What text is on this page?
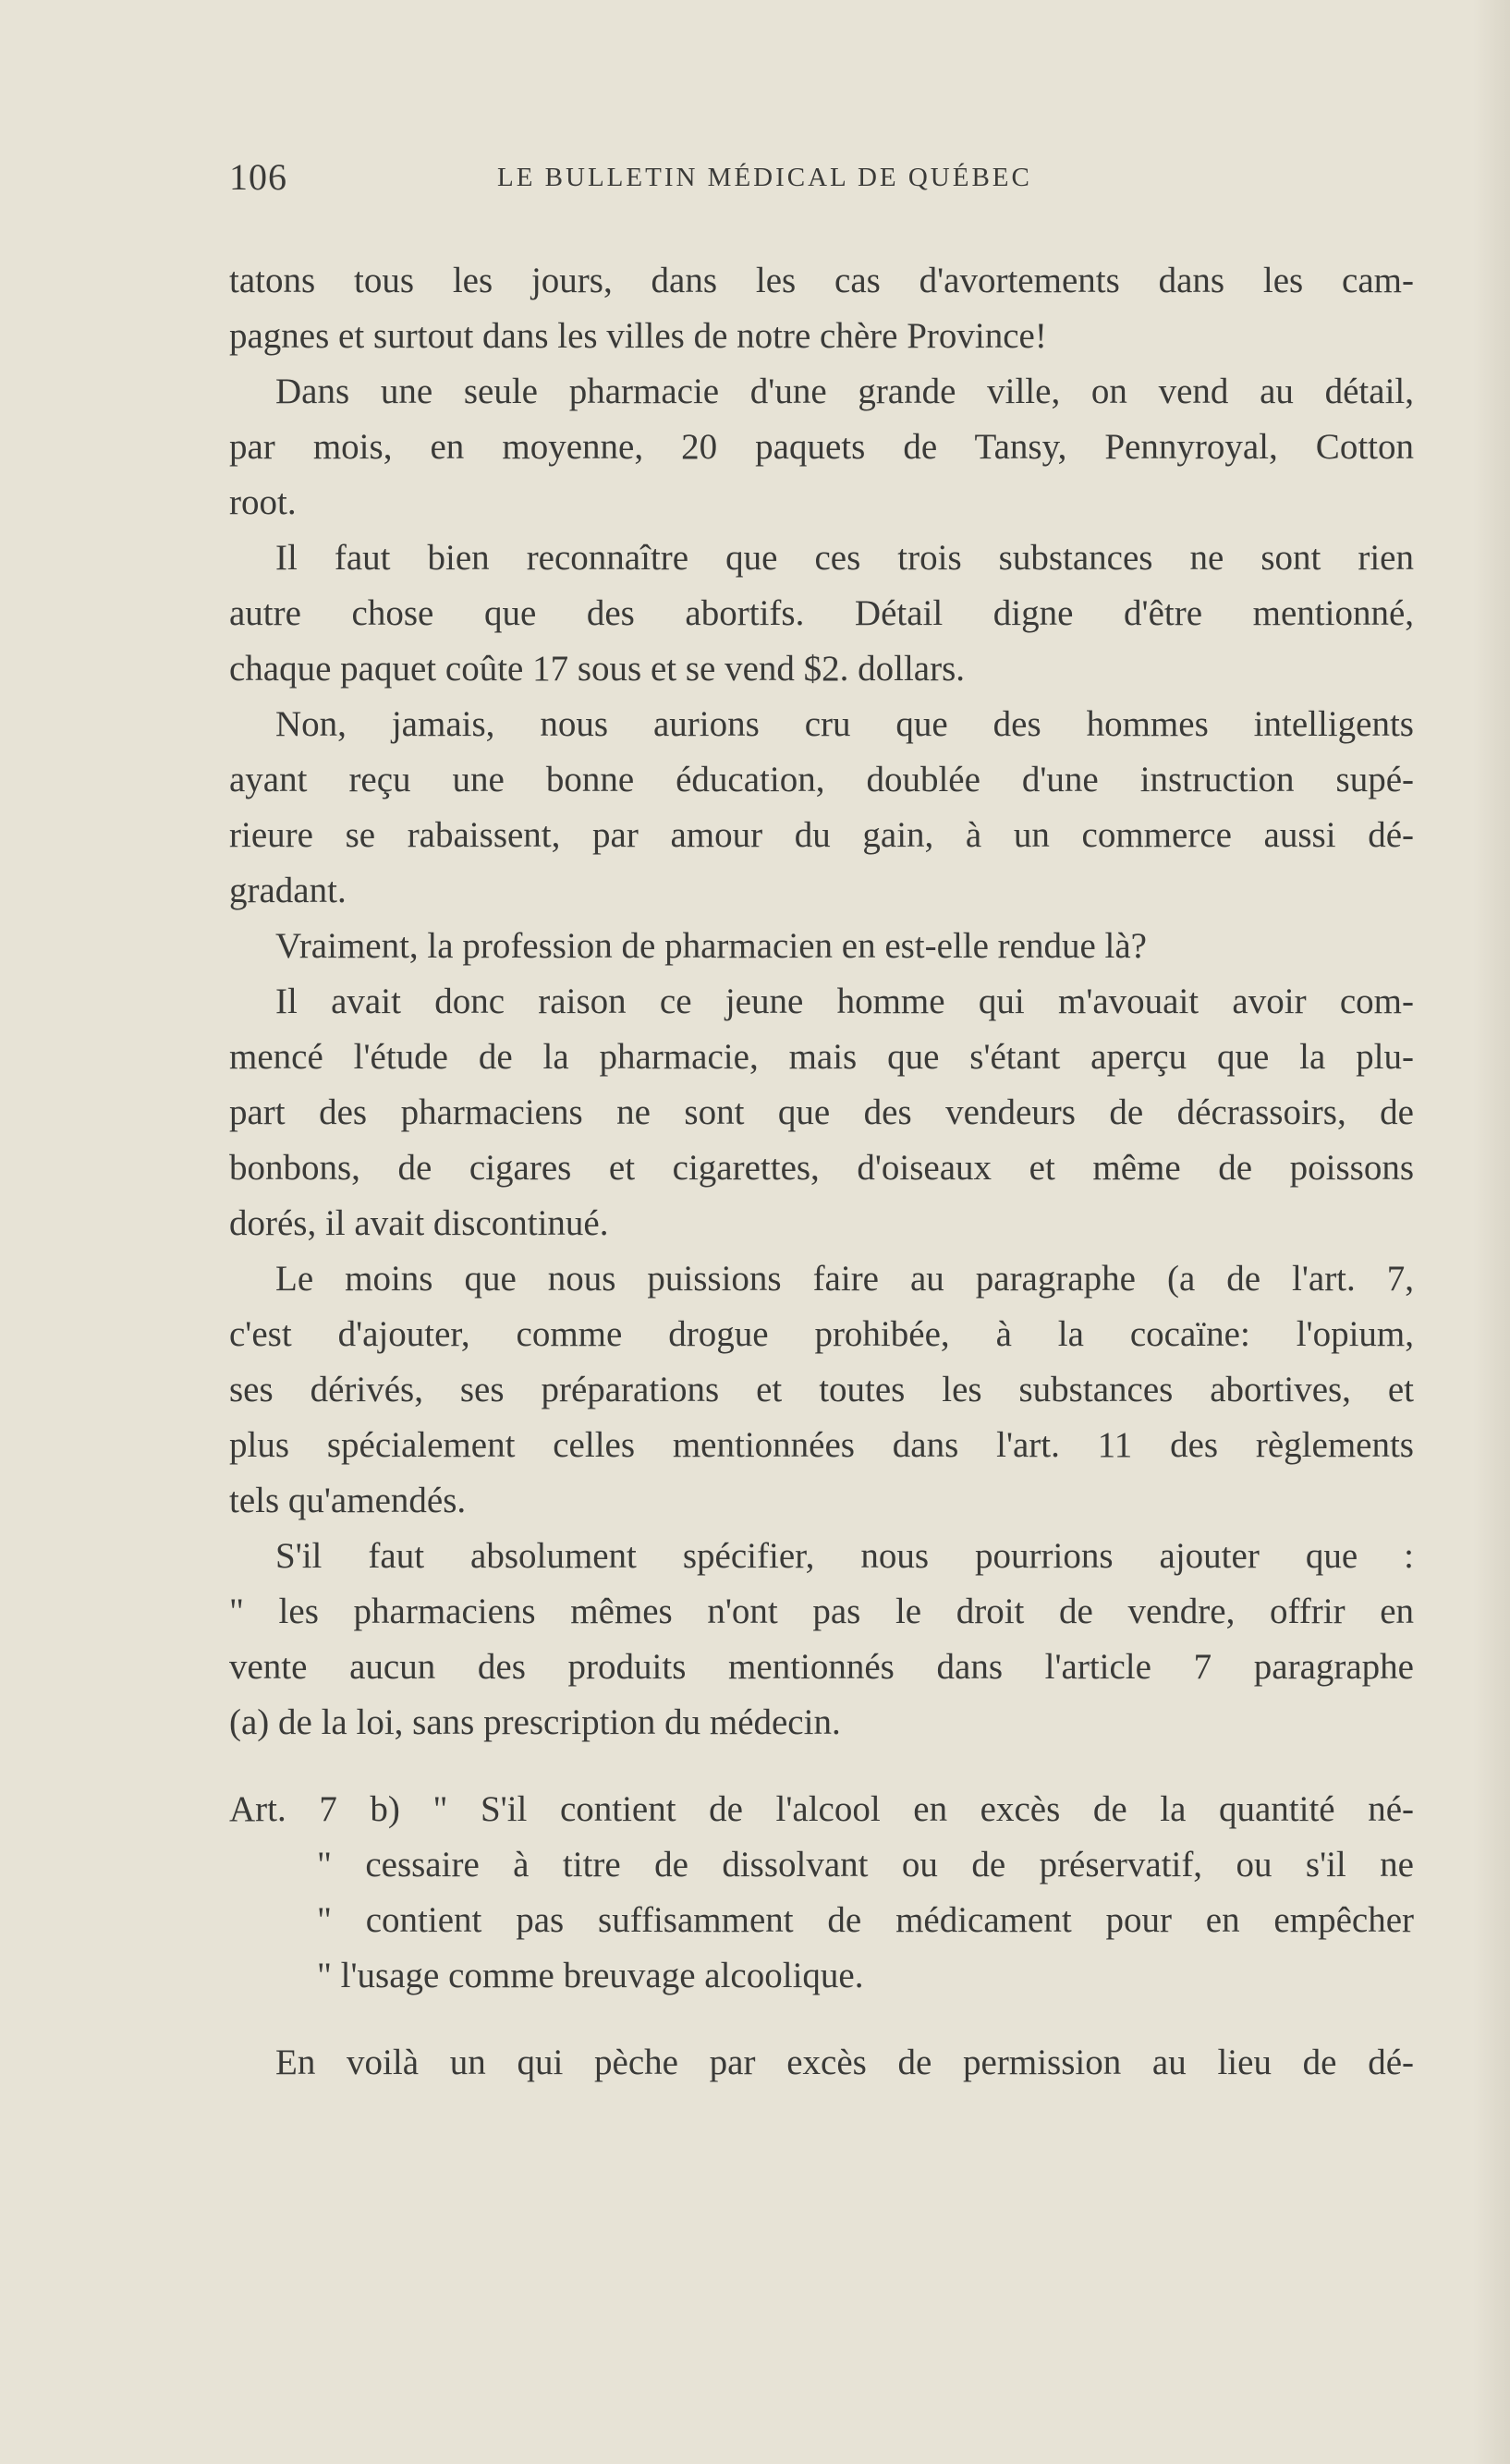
106	LE BULLETIN MÉDICAL DE QUÉBEC
tatons tous les jours, dans les cas d'avortements dans les cam-
pagnes et surtout dans les villes de notre chère Province!
Dans une seule pharmacie d'une grande ville, on vend au détail,
par mois, en moyenne, 20 paquets de Tansy, Pennyroyal, Cotton
root.
Il faut bien reconnaître que ces trois substances ne sont rien
autre chose que des abortifs. Détail digne d'être mentionné,
chaque paquet coûte 17 sous et se vend $2. dollars.
Non, jamais, nous aurions cru que des hommes intelligents
ayant reçu une bonne éducation, doublée d'une instruction supé-
rieure se rabaissent, par amour du gain, à un commerce aussi dé-
gradant.
Vraiment, la profession de pharmacien en est-elle rendue là?
Il avait donc raison ce jeune homme qui m'avouait avoir com-
mencé l'étude de la pharmacie, mais que s'étant aperçu que la plu-
part des pharmaciens ne sont que des vendeurs de décrassoirs, de
bonbons, de cigares et cigarettes, d'oiseaux et même de poissons
dorés, il avait discontinué.
Le moins que nous puissions faire au paragraphe (a de l'art. 7,
c'est d'ajouter, comme drogue prohibée, à la cocaïne: l'opium,
ses dérivés, ses préparations et toutes les substances abortives, et
plus spécialement celles mentionnées dans l'art. 11 des règlements
tels qu'amendés.
S'il faut absolument spécifier, nous pourrions ajouter que :
" les pharmaciens mêmes n'ont pas le droit de vendre, offrir en
vente aucun des produits mentionnés dans l'article 7 paragraphe
(a) de la loi, sans prescription du médecin.
Art. 7 b) " S'il contient de l'alcool en excès de la quantité né-
" cessaire à titre de dissolvant ou de préservatif, ou s'il ne
" contient pas suffisamment de médicament pour en empêcher
" l'usage comme breuvage alcoolique.
En voilà un qui pèche par excès de permission au lieu de dé-
